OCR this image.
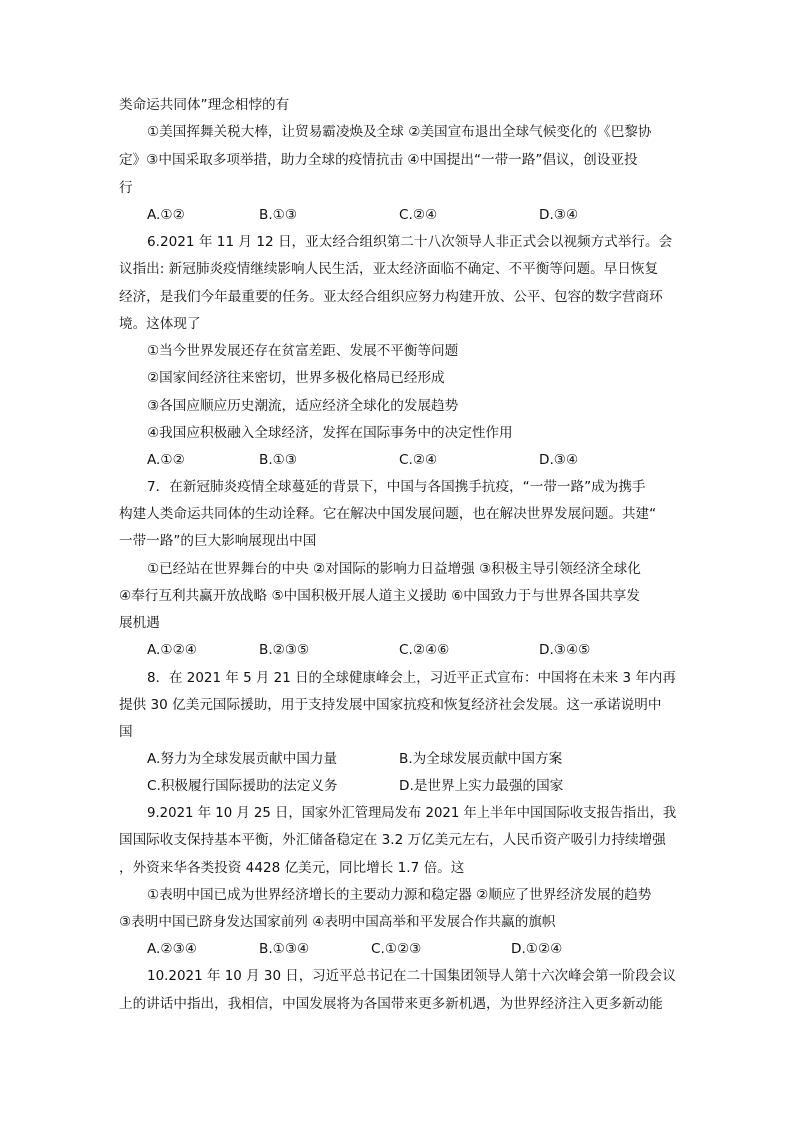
类命运共同体”理念相悖的有
①美国挥舞关税大棒，让贸易霸凌焕及全球 ②美国宣布退出全球气候变化的《巴黎协
定》③中国采取多项举措，助力全球的疫情抗击 ④中国提出“一带一路”倡议，创设亚投
行
A.①②	B.①③	C.②④	D.③④
6.2021 年 11 月 12 日，亚太经合组织第二十八次领导人非正式会以视频方式举行。会
议指出: 新冠肺炎疫情继续影响人民生活，亚太经济面临不确定、不平衡等问题。早日恢复
经济，是我们今年最重要的任务。亚太经合组织应努力构建开放、公平、包容的数字营商环
境。这体现了
①当今世界发展还存在贫富差距、发展不平衡等问题
②国家间经济往来密切，世界多极化格局已经形成
③各国应顺应历史潮流，适应经济全球化的发展趋势
④我国应积极融入全球经济，发挥在国际事务中的决定性作用
A.①②	B.①③	C.②④	D.③④
7．在新冠肺炎疫情全球蔓延的背景下，中国与各国携手抗疫，“一带一路”成为携手
构建人类命运共同体的生动诠释。它在解决中国发展问题，也在解决世界发展问题。共建“
一带一路”的巨大影响展现出中国
①已经站在世界舞台的中央 ②对国际的影响力日益增强 ③积极主导引领经济全球化
④奉行互利共赢开放战略 ⑤中国积极开展人道主义援助 ⑥中国致力于与世界各国共享发
展机遇
A.①②④	B.②③⑤	C.②④⑥	D.③④⑤
8．在 2021 年 5 月 21 日的全球健康峰会上，习近平正式宣布：中国将在未来 3 年内再
提供 30 亿美元国际援助，用于支持发展中国家抗疫和恢复经济社会发展。这一承诺说明中
国
A.努力为全球发展贡献中国力量	B.为全球发展贡献中国方案
C.积极履行国际援助的法定义务	D.是世界上实力最强的国家
9.2021 年 10 月 25 日，国家外汇管理局发布 2021 年上半年中国国际收支报告指出，我
国国际收支保持基本平衡，外汇储备稳定在 3.2 万亿美元左右，人民币资产吸引力持续增强
，外资来华各类投资 4428 亿美元，同比增长 1.7 倍。这
①表明中国已成为世界经济增长的主要动力源和稳定器 ②顺应了世界经济发展的趋势
③表明中国已跻身发达国家前列 ④表明中国高举和平发展合作共赢的旗帜
A.②③④	B.①③④	C.①②③	D.①②④
10.2021 年 10 月 30 日，习近平总书记在二十国集团领导人第十六次峰会第一阶段会议
上的讲话中指出，我相信，中国发展将为各国带来更多新机遇，为世界经济注入更多新动能
